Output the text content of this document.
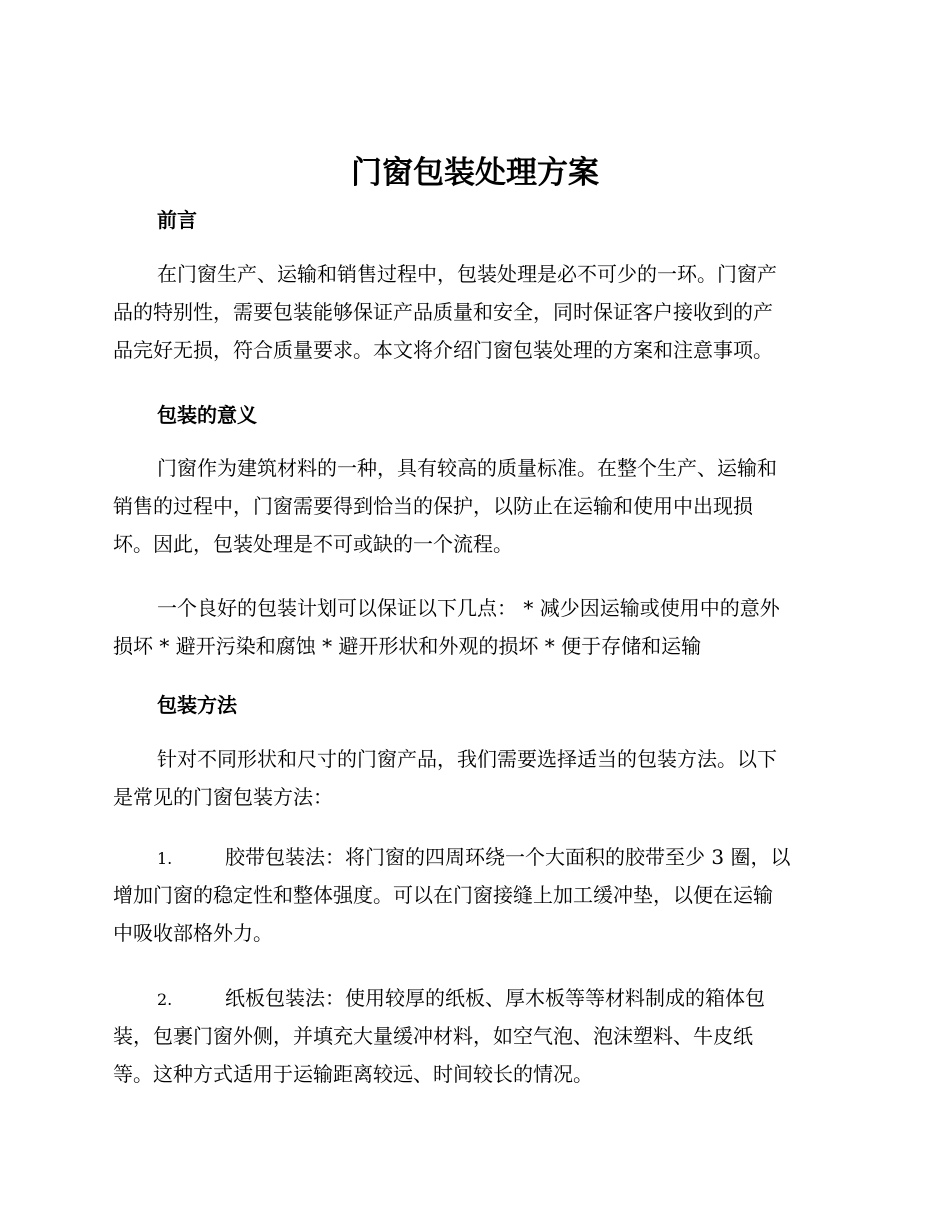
门窗包装处理方案
前言

在门窗生产、运输和销售过程中，包装处理是必不可少的一环。门窗产
品的特别性，需要包装能够保证产品质量和安全，同时保证客户接收到的产
品完好无损，符合质量要求。本文将介绍门窗包装处理的方案和注意事项。

包装的意义

门窗作为建筑材料的一种，具有较高的质量标准。在整个生产、运输和
销售的过程中，门窗需要得到恰当的保护，以防止在运输和使用中出现损
坏。因此，包装处理是不可或缺的一个流程。

一个良好的包装计划可以保证以下几点： * 减少因运输或使用中的意外
损坏 * 避开污染和腐蚀 * 避开形状和外观的损坏 * 便于存储和运输

包装方法

针对不同形状和尺寸的门窗产品，我们需要选择适当的包装方法。以下
是常见的门窗包装方法：

1.	胶带包装法：将门窗的四周环绕一个大面积的胶带至少 3 圈，以
增加门窗的稳定性和整体强度。可以在门窗接缝上加工缓冲垫，以便在运输
中吸收部格外力。
2.	纸板包装法：使用较厚的纸板、厚木板等等材料制成的箱体包
装，包裹门窗外侧，并填充大量缓冲材料，如空气泡、泡沫塑料、牛皮纸
等。这种方式适用于运输距离较远、时间较长的情况。
